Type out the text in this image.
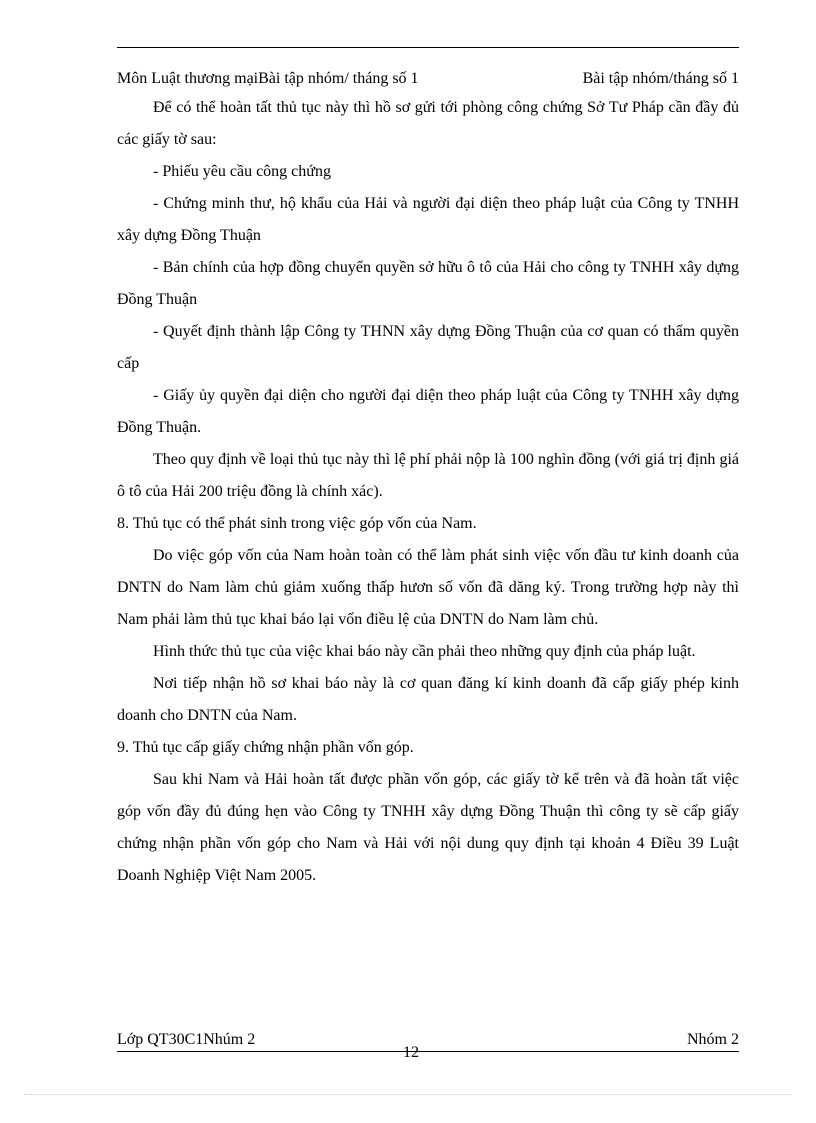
Môn Luật thương mạiBài tập nhóm/ tháng số 1	Bài tập nhóm/tháng số 1

Để có thể hoàn tất thủ tục này thì hồ sơ gửi tới phòng công chứng Sở Tư Pháp cần đầy đủ các giấy tờ sau:

- Phiếu yêu cầu công chứng

- Chứng minh thư, hộ khẩu của Hải và người đại diện theo pháp luật của Công ty TNHH xây dựng Đồng Thuận

- Bản chính của hợp đồng chuyển quyền sở hữu ô tô của Hải cho công ty TNHH xây dựng Đồng Thuận

- Quyết định thành lập Công ty THNN xây dựng Đồng Thuận của cơ quan có thẩm quyền cấp

- Giấy ủy quyền đại diện cho người đại diện theo pháp luật của Công ty TNHH xây dựng Đồng Thuận.

Theo quy định về loại thủ tục này thì lệ phí phải nộp là 100 nghìn đồng (với giá trị định giá ô tô của Hải 200 triệu đồng là chính xác).

8. Thủ tục có thể phát sinh trong việc góp vốn của Nam.

Do việc góp vốn của Nam hoàn toàn có thể làm phát sinh việc vốn đầu tư kinh doanh của DNTN do Nam làm chủ giảm xuống thấp hươn số vốn đã dăng ký. Trong trường hợp này thì Nam phải làm thủ tục khai báo lại vốn điều lệ của DNTN do Nam làm chủ.

Hình thức thủ tục của việc khai báo này cần phải theo những quy định của pháp luật.

Nơi tiếp nhận hồ sơ khai báo này là cơ quan đăng kí kinh doanh đã cấp giấy phép kinh doanh cho DNTN của Nam.

9. Thủ tục cấp giấy chứng nhận phần vốn góp.

Sau khi Nam và Hải hoàn tất được phần vốn góp, các giấy tờ kể trên và đã hoàn tất việc góp vốn đầy đủ đúng hẹn vào Công ty TNHH xây dựng Đồng Thuận thì công ty sẽ cấp giấy chứng nhận phần vốn góp cho Nam và Hải với nội dung quy định tại khoản 4 Điều 39 Luật Doanh Nghiệp Việt Nam 2005.

Lớp QT30C1Nhúm 2	Nhóm 2
12
